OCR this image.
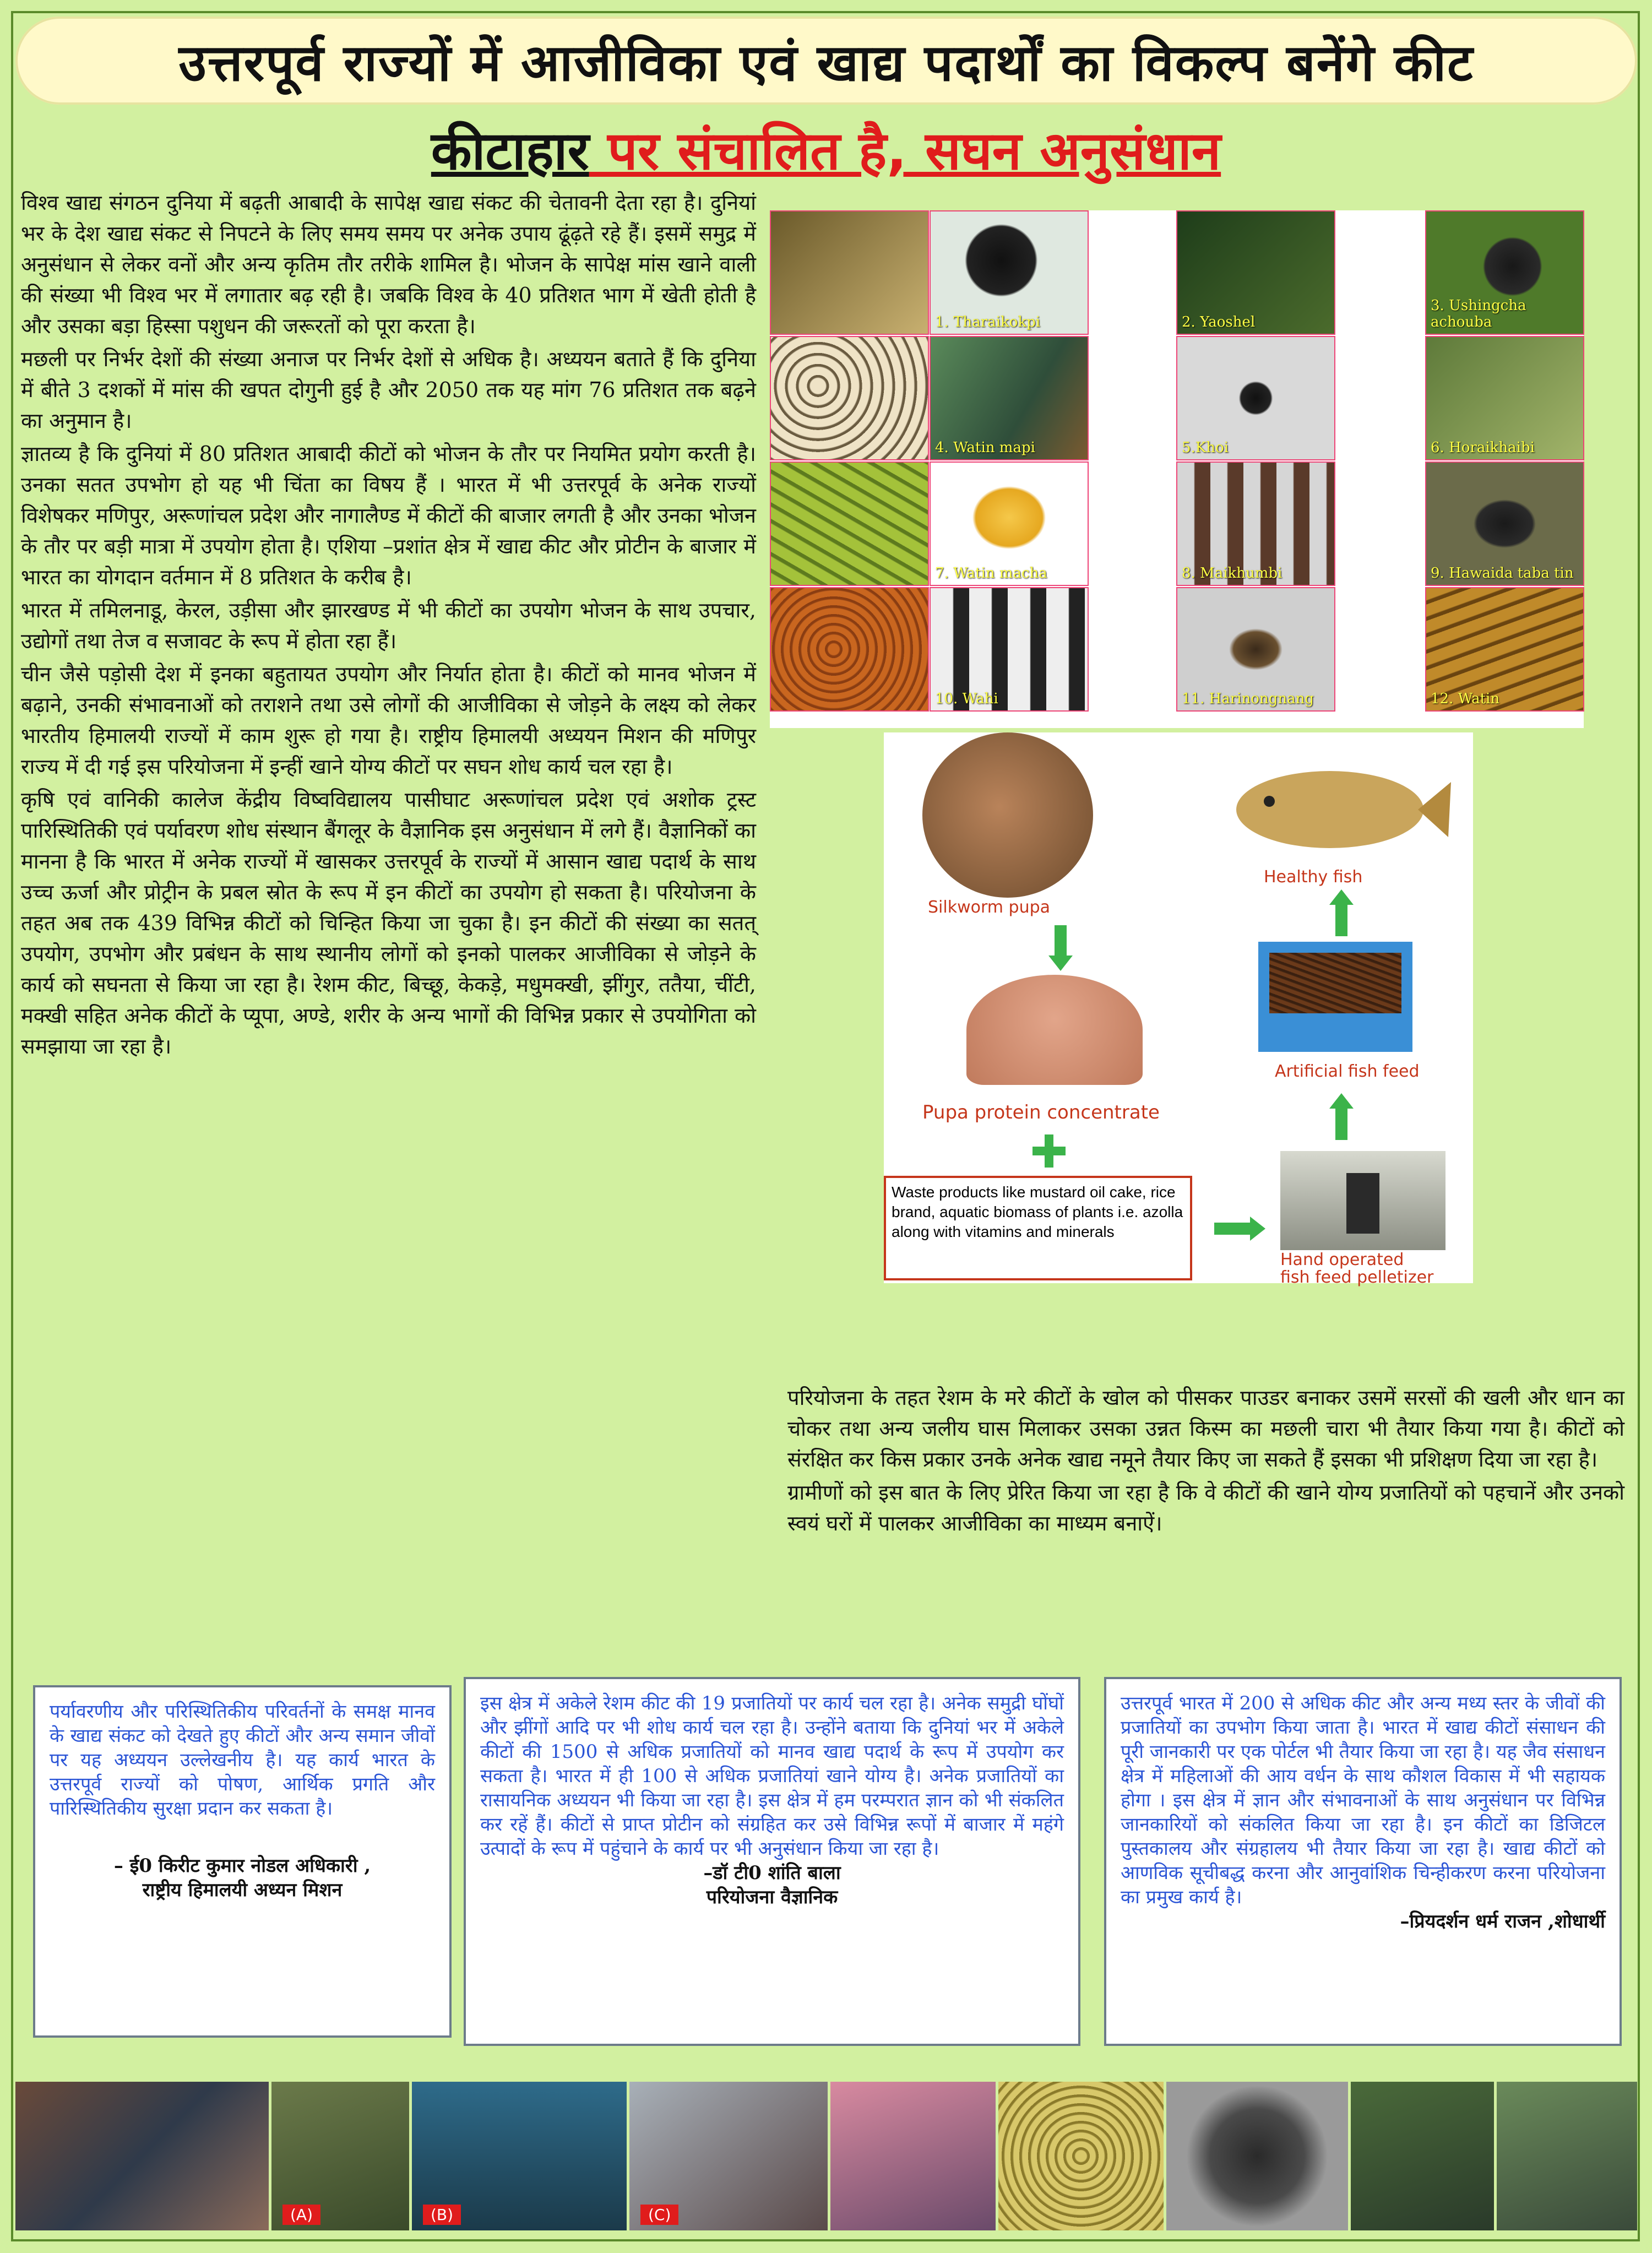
उत्तरपूर्व राज्यों में आजीविका एवं खाद्य पदार्थों का विकल्प बनेंगे कीट
कीटाहार पर संचालित है, सघन अनुसंधान

विश्व खाद्य संगठन दुनिया में बढ़ती आबादी के सापेक्ष खाद्य संकट की चेतावनी देता रहा है। दुनियां भर के देश खाद्य संकट से निपटने के लिए समय समय पर अनेक उपाय ढूंढ़ते रहे हैं। इसमें समुद्र में अनुसंधान से लेकर वनों और अन्य कृतिम तौर तरीके शामिल है। भोजन के सापेक्ष मांस खाने वाली की संख्या भी विश्व भर में लगातार बढ़ रही है। जबकि विश्व के 40 प्रतिशत भाग में खेती होती है और उसका बड़ा हिस्सा पशुधन की जरूरतों को पूरा करता है।

मछली पर निर्भर देशों की संख्या अनाज पर निर्भर देशों से अधिक है। अध्ययन बताते हैं कि दुनिया में बीते 3 दशकों में मांस की खपत दोगुनी हुई है और 2050 तक यह मांग 76 प्रतिशत तक बढ़ने का अनुमान है।

ज्ञातव्य है कि दुनियां में 80 प्रतिशत आबादी कीटों को भोजन के तौर पर नियमित प्रयोग करती है। उनका सतत उपभोग हो यह भी चिंता का विषय हैं । भारत में भी उत्तरपूर्व के अनेक राज्यों विशेषकर मणिपुर, अरूणांचल प्रदेश और नागालैण्ड में कीटों की बाजार लगती है और उनका भोजन के तौर पर बड़ी मात्रा में उपयोग होता है। एशिया –प्रशांत क्षेत्र में खाद्य कीट और प्रोटीन के बाजार में भारत का योगदान वर्तमान में 8 प्रतिशत के करीब है।

भारत में तमिलनाडू, केरल, उड़ीसा और झारखण्ड में भी कीटों का उपयोग भोजन के साथ उपचार, उद्योगों तथा तेज व सजावट के रूप में होता रहा हैं।

चीन जैसे पड़ोसी देश में इनका बहुतायत उपयोग और निर्यात होता है। कीटों को मानव भोजन में बढ़ाने, उनकी संभावनाओं को तराशने तथा उसे लोगों की आजीविका से जोड़ने के लक्ष्य को लेकर भारतीय हिमालयी राज्यों में काम शुरू हो गया है। राष्ट्रीय हिमालयी अध्ययन मिशन की मणिपुर राज्य में दी गई इस परियोजना में इन्हीं खाने योग्य कीटों पर सघन शोध कार्य चल रहा है।

कृषि एवं वानिकी कालेज केंद्रीय विष्वविद्यालय पासीघाट अरूणांचल प्रदेश एवं अशोक ट्रस्ट पारिस्थितिकी एवं पर्यावरण शोध संस्थान बैंगलूर के वैज्ञानिक इस अनुसंधान में लगे हैं। वैज्ञानिकों का मानना है कि भारत में अनेक राज्यों में खासकर उत्तरपूर्व के राज्यों में आसान खाद्य पदार्थ के साथ उच्च ऊर्जा और प्रोट्रीन के प्रबल स्रोत के रूप में इन कीटों का उपयोग हो सकता है। परियोजना के तहत अब तक 439 विभिन्न कीटों को चिन्हित किया जा चुका है। इन कीटों की संख्या का सतत् उपयोग, उपभोग और प्रबंधन के साथ स्थानीय लोगों को इनको पालकर आजीविका से जोड़ने के कार्य को सघनता से किया जा रहा है। रेशम कीट, बिच्छू, केकड़े, मधुमक्खी, झींगुर, ततैया, चींटी, मक्खी सहित अनेक कीटों के प्यूपा, अण्डे, शरीर के अन्य भागों की विभिन्न प्रकार से उपयोगिता को समझाया जा रहा है।

1. Tharaikokpi	2. Yaoshel
3. Ushingcha achouba
4. Watin mapi	5.Khoi	6. Horaikhaibi
7. Watin macha	8. Maikhumbi	9. Hawaida taba tin
10. Wahi	11. Harinongnang	12. Watin
Silkworm pupa
Healthy fish
Artificial fish feed
Pupa protein concentrate
Waste products like mustard oil cake, rice brand, aquatic biomass of plants i.e. azolla along with vitamins and minerals
Hand operated
fish feed pelletizer

परियोजना के तहत रेशम के मरे कीटों के खोल को पीसकर पाउडर बनाकर उसमें सरसों की खली और धान का चोकर तथा अन्य जलीय घास मिलाकर उसका उन्नत किस्म का मछली चारा भी तैयार किया गया है। कीटों को संरक्षित कर किस प्रकार उनके अनेक खाद्य नमूने तैयार किए जा सकते हैं इसका भी प्रशिक्षण दिया जा रहा है।

ग्रामीणों को इस बात के लिए प्रेरित किया जा रहा है कि वे कीटों की खाने योग्य प्रजातियों को पहचानें और उनको स्वयं घरों में पालकर आजीविका का माध्यम बनाऐं।

पर्यावरणीय और परिस्थितिकीय परिवर्तनों के समक्ष मानव के खाद्य संकट को देखते हुए कीटों और अन्य समान जीवों पर यह अध्ययन उल्लेखनीय है। यह कार्य भारत के उत्तरपूर्व राज्यों को पोषण, आर्थिक प्रगति और पारिस्थितिकीय सुरक्षा प्रदान कर सकता है।
– ई0 किरीट कुमार नोडल अधिकारी ,
राष्ट्रीय हिमालयी अध्यन मिशन
इस क्षेत्र में अकेले रेशम कीट की 19 प्रजातियों पर कार्य चल रहा है। अनेक समुद्री घोंघों और झींगों आदि पर भी शोध कार्य चल रहा है। उन्होंने बताया कि दुनियां भर में अकेले कीटों की 1500 से अधिक प्रजातियों को मानव खाद्य पदार्थ के रूप में उपयोग कर सकता है। भारत में ही 100 से अधिक प्रजातियां खाने योग्य है। अनेक प्रजातियों का रासायनिक अध्ययन भी किया जा रहा है। इस क्षेत्र में हम परम्परात ज्ञान को भी संकलित कर रहें हैं। कीटों से प्राप्त प्रोटीन को संग्रहित कर उसे विभिन्न रूपों में बाजार में महंगे उत्पादों के रूप में पहुंचाने के कार्य पर भी अनुसंधान किया जा रहा है।
–डॉ टी0 शांति बाला
परियोजना वैज्ञानिक
उत्तरपूर्व भारत में 200 से अधिक कीट और अन्य मध्य स्तर के जीवों की प्रजातियों का उपभोग किया जाता है। भारत में खाद्य कीटों संसाधन की पूरी जानकारी पर एक पोर्टल भी तैयार किया जा रहा है। यह जैव संसाधन क्षेत्र में महिलाओं की आय वर्धन के साथ कौशल विकास में भी सहायक होगा । इस क्षेत्र में ज्ञान और संभावनाओं के साथ अनुसंधान पर विभिन्न जानकारियों को संकलित किया जा रहा है। इन कीटों का डिजिटल पुस्तकालय और संग्रहालय भी तैयार किया जा रहा है। खाद्य कीटों को आणविक सूचीबद्ध करना और आनुवांशिक चिन्हीकरण करना परियोजना का प्रमुख कार्य है।
–प्रियदर्शन धर्म राजन ,शोधार्थी
(A)	(B)	(C)
